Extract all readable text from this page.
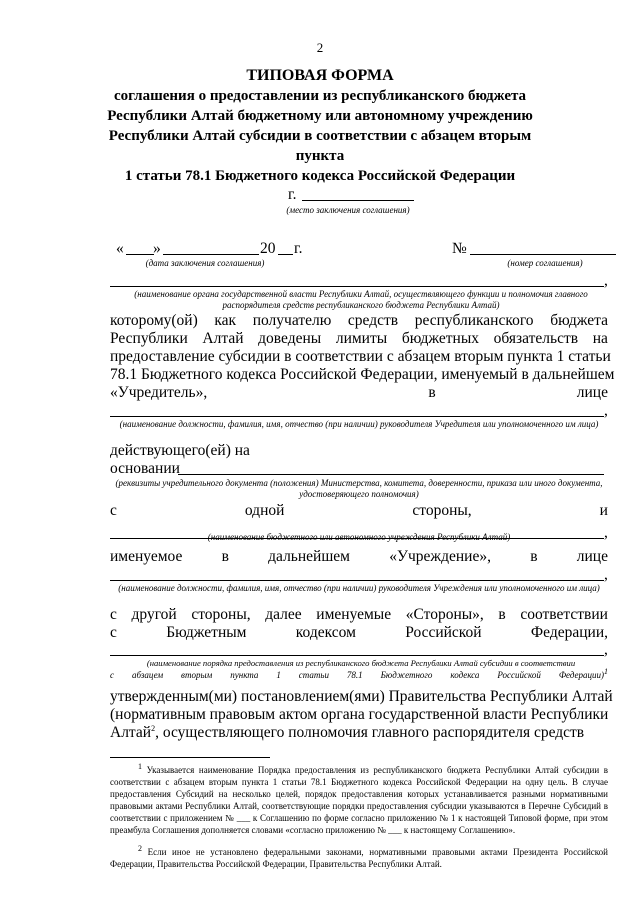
2
ТИПОВАЯ ФОРМА
соглашения о предоставлении из республиканского бюджета
Республики Алтай бюджетному или автономному учреждению
Республики Алтай субсидии в соответствии с абзацем вторым пункта
1 статьи 78.1 Бюджетного кодекса Российской Федерации
г.
(место заключения соглашения)
« »	20 г.
(дата заключения соглашения)
№
(номер соглашения)
,
(наименование органа государственной власти Республики Алтай, осуществляющего функции и полномочия главного распорядителя средств республиканского бюджета Республики Алтай)
которому(ой) как получателю средств республиканского бюджета
Республики Алтай доведены лимиты бюджетных обязательств на
предоставление субсидии в соответствии с абзацем вторым пункта 1 статьи
78.1 Бюджетного кодекса Российской Федерации, именуемый в дальнейшем
«Учредитель»,	в	лице
,
(наименование должности, фамилия, имя, отчество (при наличии) руководителя Учредителя или уполномоченного им лица)
действующего(ей) на
основании
(реквизиты учредительного документа (положения) Министерства, комитета, доверенности, приказа или иного документа, удостоверяющего полномочия)
с	одной	стороны,	и
,
(наименование бюджетного или автономного учреждения Республики Алтай)
именуемое	в	дальнейшем	«Учреждение»,	в	лице
,
(наименование должности, фамилия, имя, отчество (при наличии) руководителя Учреждения или уполномоченного им лица)
с другой стороны, далее именуемые «Стороны», в соответствии
с	Бюджетным	кодексом	Российской	Федерации,
,
(наименование порядка предоставления из республиканского бюджета Республики Алтай субсидии в соответствии
с абзацем вторым пункта 1 статьи 78.1 Бюджетного кодекса Российской Федерации)$^1$
утвержденным(ми) постановлением(ями) Правительства Республики Алтай
(нормативным правовым актом органа государственной власти Республики
Алтай$^2$, осуществляющего полномочия главного распорядителя средств
$^1$ Указывается наименование Порядка предоставления из республиканского бюджета Республики Алтай субсидии в соответствии с абзацем вторым пункта 1 статьи 78.1 Бюджетного кодекса Российской Федерации на одну цель. В случае предоставления Субсидий на несколько целей, порядок предоставления которых устанавливается разными нормативными правовыми актами Республики Алтай, соответствующие порядки предоставления субсидии указываются в Перечне Субсидий в соответствии с приложением № ___ к Соглашению по форме согласно приложению № 1 к настоящей Типовой форме, при этом преамбула Соглашения дополняется словами «согласно приложению № ___ к настоящему Соглашению».
$^2$ Если иное не установлено федеральными законами, нормативными правовыми актами Президента Российской Федерации, Правительства Российской Федерации, Правительства Республики Алтай.
